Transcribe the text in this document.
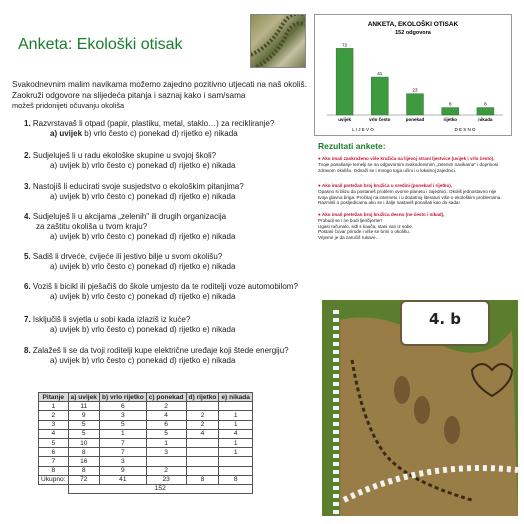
Anketa: Ekološki otisak
Svakodnevnim malim navikama možemo zajedno pozitivno utjecati na naš okoliš.
Zaokruži odgovore na slijedeća pitanja i saznaj kako i sam/sama
možeš pridonijeti očuvanju okoliša
1. Razvrstavaš li otpad (papir, plastiku, metal, staklo…) za recikliranje?
a) uvijek b) vrlo često c) ponekad d) rijetko e) nikada
2. Sudjeluješ li u radu ekološke skupine u svojoj školi?
a) uvijek b) vrlo često c) ponekad d) rijetko e) nikada
3. Nastojiš li educirati svoje susjedstvo o ekološkim pitanjima?
a) uvijek b) vrlo često c) ponekad d) rijetko e) nikada
4. Sudjeluješ li u akcijama „zelenih" ili drugih organizacija
za zaštitu okoliša u tvom kraju?
a) uvijek b) vrlo često c) ponekad d) rijetko e) nikada
5. Sadiš li drveće, cvijeće ili jestivo bilje u svom okolišu?
a) uvijek b) vrlo često c) ponekad d) rijetko e) nikada
6. Voziš li bicikl ili pješačiš do škole umjesto da te roditelji voze automobilom?
a) uvijek b) vrlo često c) ponekad d) rijetko e) nikada
7. Isključiš li svjetla u sobi kada izlaziš iz kuće?
a) uvijek b) vrlo često c) ponekad d) rijetko e) nikada
8. Zalažeš li se da tvoji roditelji kupe električne uređaje koji štede energiju?
a) uvijek b) vrlo često c) ponekad d) rijetko e) nikada
ANKETA, EKOLOŠKI OTISAK
152 odgovora
72
uvijek
41
vrlo često
23
ponekad
8
rijetko
8
nikada
L I J E V O	D E S N O
Rezultati ankete:
● Ako imaš zaokruženo više kružića na lijevoj strani ljestvice (uvijek i vrlo često),
Tvoje ponašanje temelji se na odgovornim svakodnevnim „zelenim navikama" i doprinosi
zdravom okolišu. Odvaži se i mnogo toga učini i u lokalnoj zajednici.
● Ako imaš pretežan broj kružića u sredini (ponekad i rijetko),
Opasno si blizu da postaneš problem ovome planetu i zajednici. Okoliš jednostavno nije
tvoja glavna briga. Pročitaj na internetu i u dodatnoj literaturi više o ekološkim problemima.
Razmisli o posljedicama ako se i dalje nastaviš ponašati kao do sada!
● Ako imaš pretežan broj kružića desno (ne često i nikad),
Probudi se i ne budi ljenčijerter!
Ugasi računalo, siđi s kauča, stani van iz sobe.
Postani čuvar prirode i više se brini o okolišu.
Vrijeme je da zaručiš rukave…
4. b
Pitanje	a) uvijek	b) vrlo rijetko	c) ponekad	d) rijetko	e) nikada
1	11	6	2		
2	9	3	4	2	1
3	5	5	6	2	1
4	5	1	5	4	4
5	10	7	1		1
6	8	7	3		1
7	16	3			
8	8	9	2		
Ukupno:	72	41	23	8	8
	152				
